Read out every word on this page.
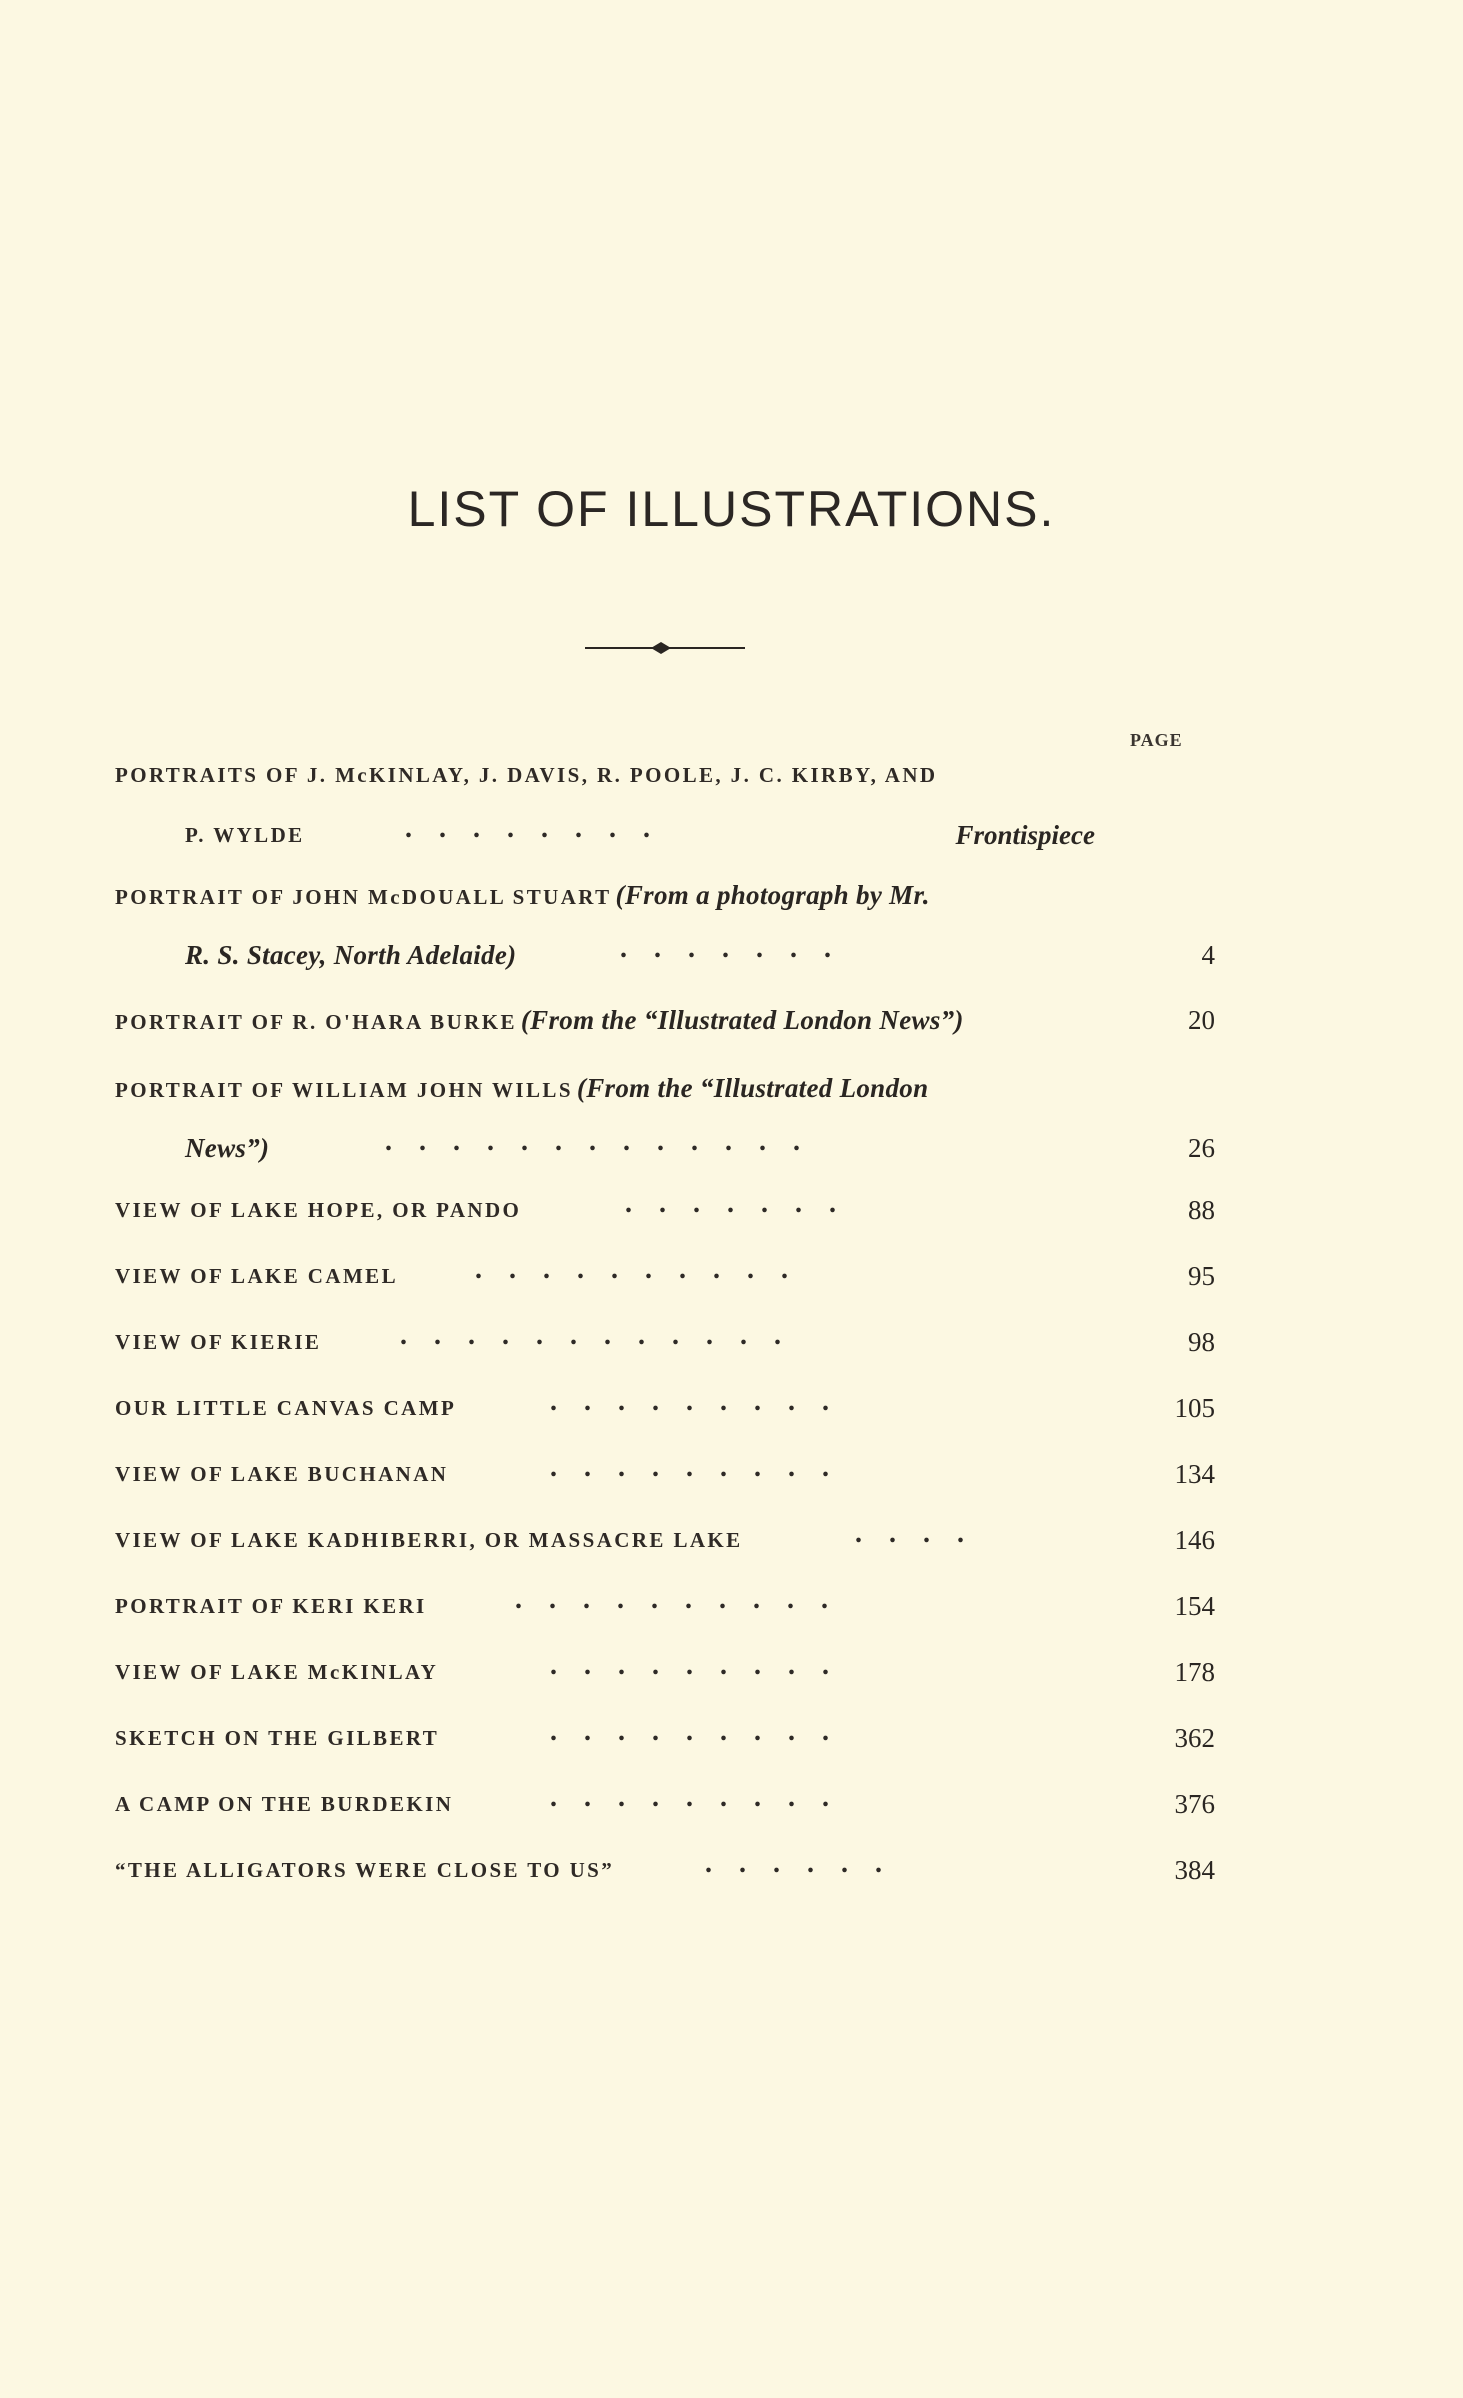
LIST OF ILLUSTRATIONS.
PAGE
PORTRAITS OF J. McKINLAY, J. DAVIS, R. POOLE, J. C. KIRBY, AND
P. WYLDE	........	Frontispiece
PORTRAIT OF JOHN McDOUALL STUART (From a photograph by Mr.
R. S. Stacey, North Adelaide)	.......	4
PORTRAIT OF R. O'HARA BURKE (From the “Illustrated London News”)	20
PORTRAIT OF WILLIAM JOHN WILLS (From the “Illustrated London
News”)	.............	26
VIEW OF LAKE HOPE, OR PANDO	.......	88
VIEW OF LAKE CAMEL	..........	95
VIEW OF KIERIE	............	98
OUR LITTLE CANVAS CAMP	.........	105
VIEW OF LAKE BUCHANAN	.........	134
VIEW OF LAKE KADHIBERRI, OR MASSACRE LAKE	....	146
PORTRAIT OF KERI KERI	..........	154
VIEW OF LAKE McKINLAY	.........	178
SKETCH ON THE GILBERT	.........	362
A CAMP ON THE BURDEKIN	.........	376
“THE ALLIGATORS WERE CLOSE TO US”	......	384
